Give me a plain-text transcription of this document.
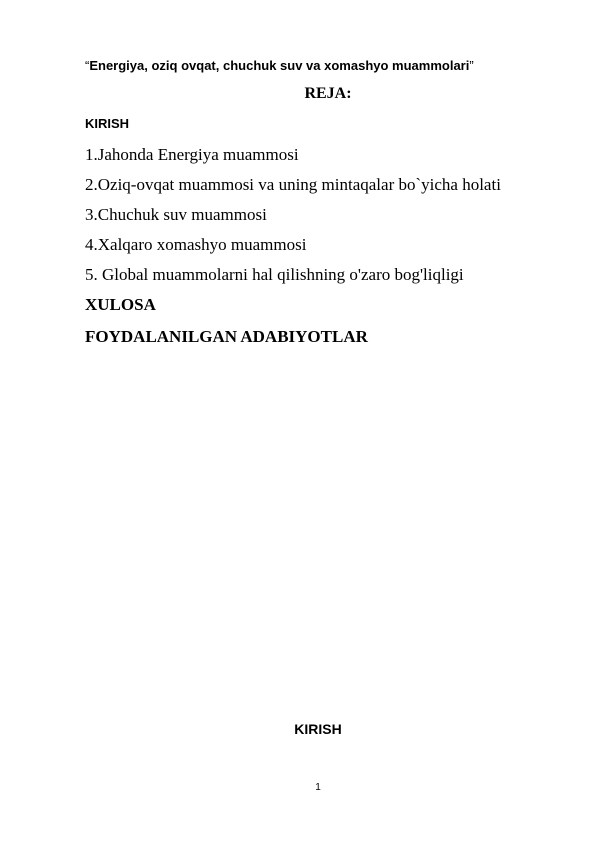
“Energiya, oziq ovqat, chuchuk suv va xomashyo muammolari”
REJA:
KIRISH
1.Jahonda Energiya muammosi
2.Oziq-ovqat muammosi va uning mintaqalar bo`yicha holati
3.Chuchuk suv muammosi
4.Xalqaro xomashyo muammosi
5. Global muammolarni hal qilishning o'zaro bog'liqligi
XULOSA
FOYDALANILGAN ADABIYOTLAR
KIRISH
1
